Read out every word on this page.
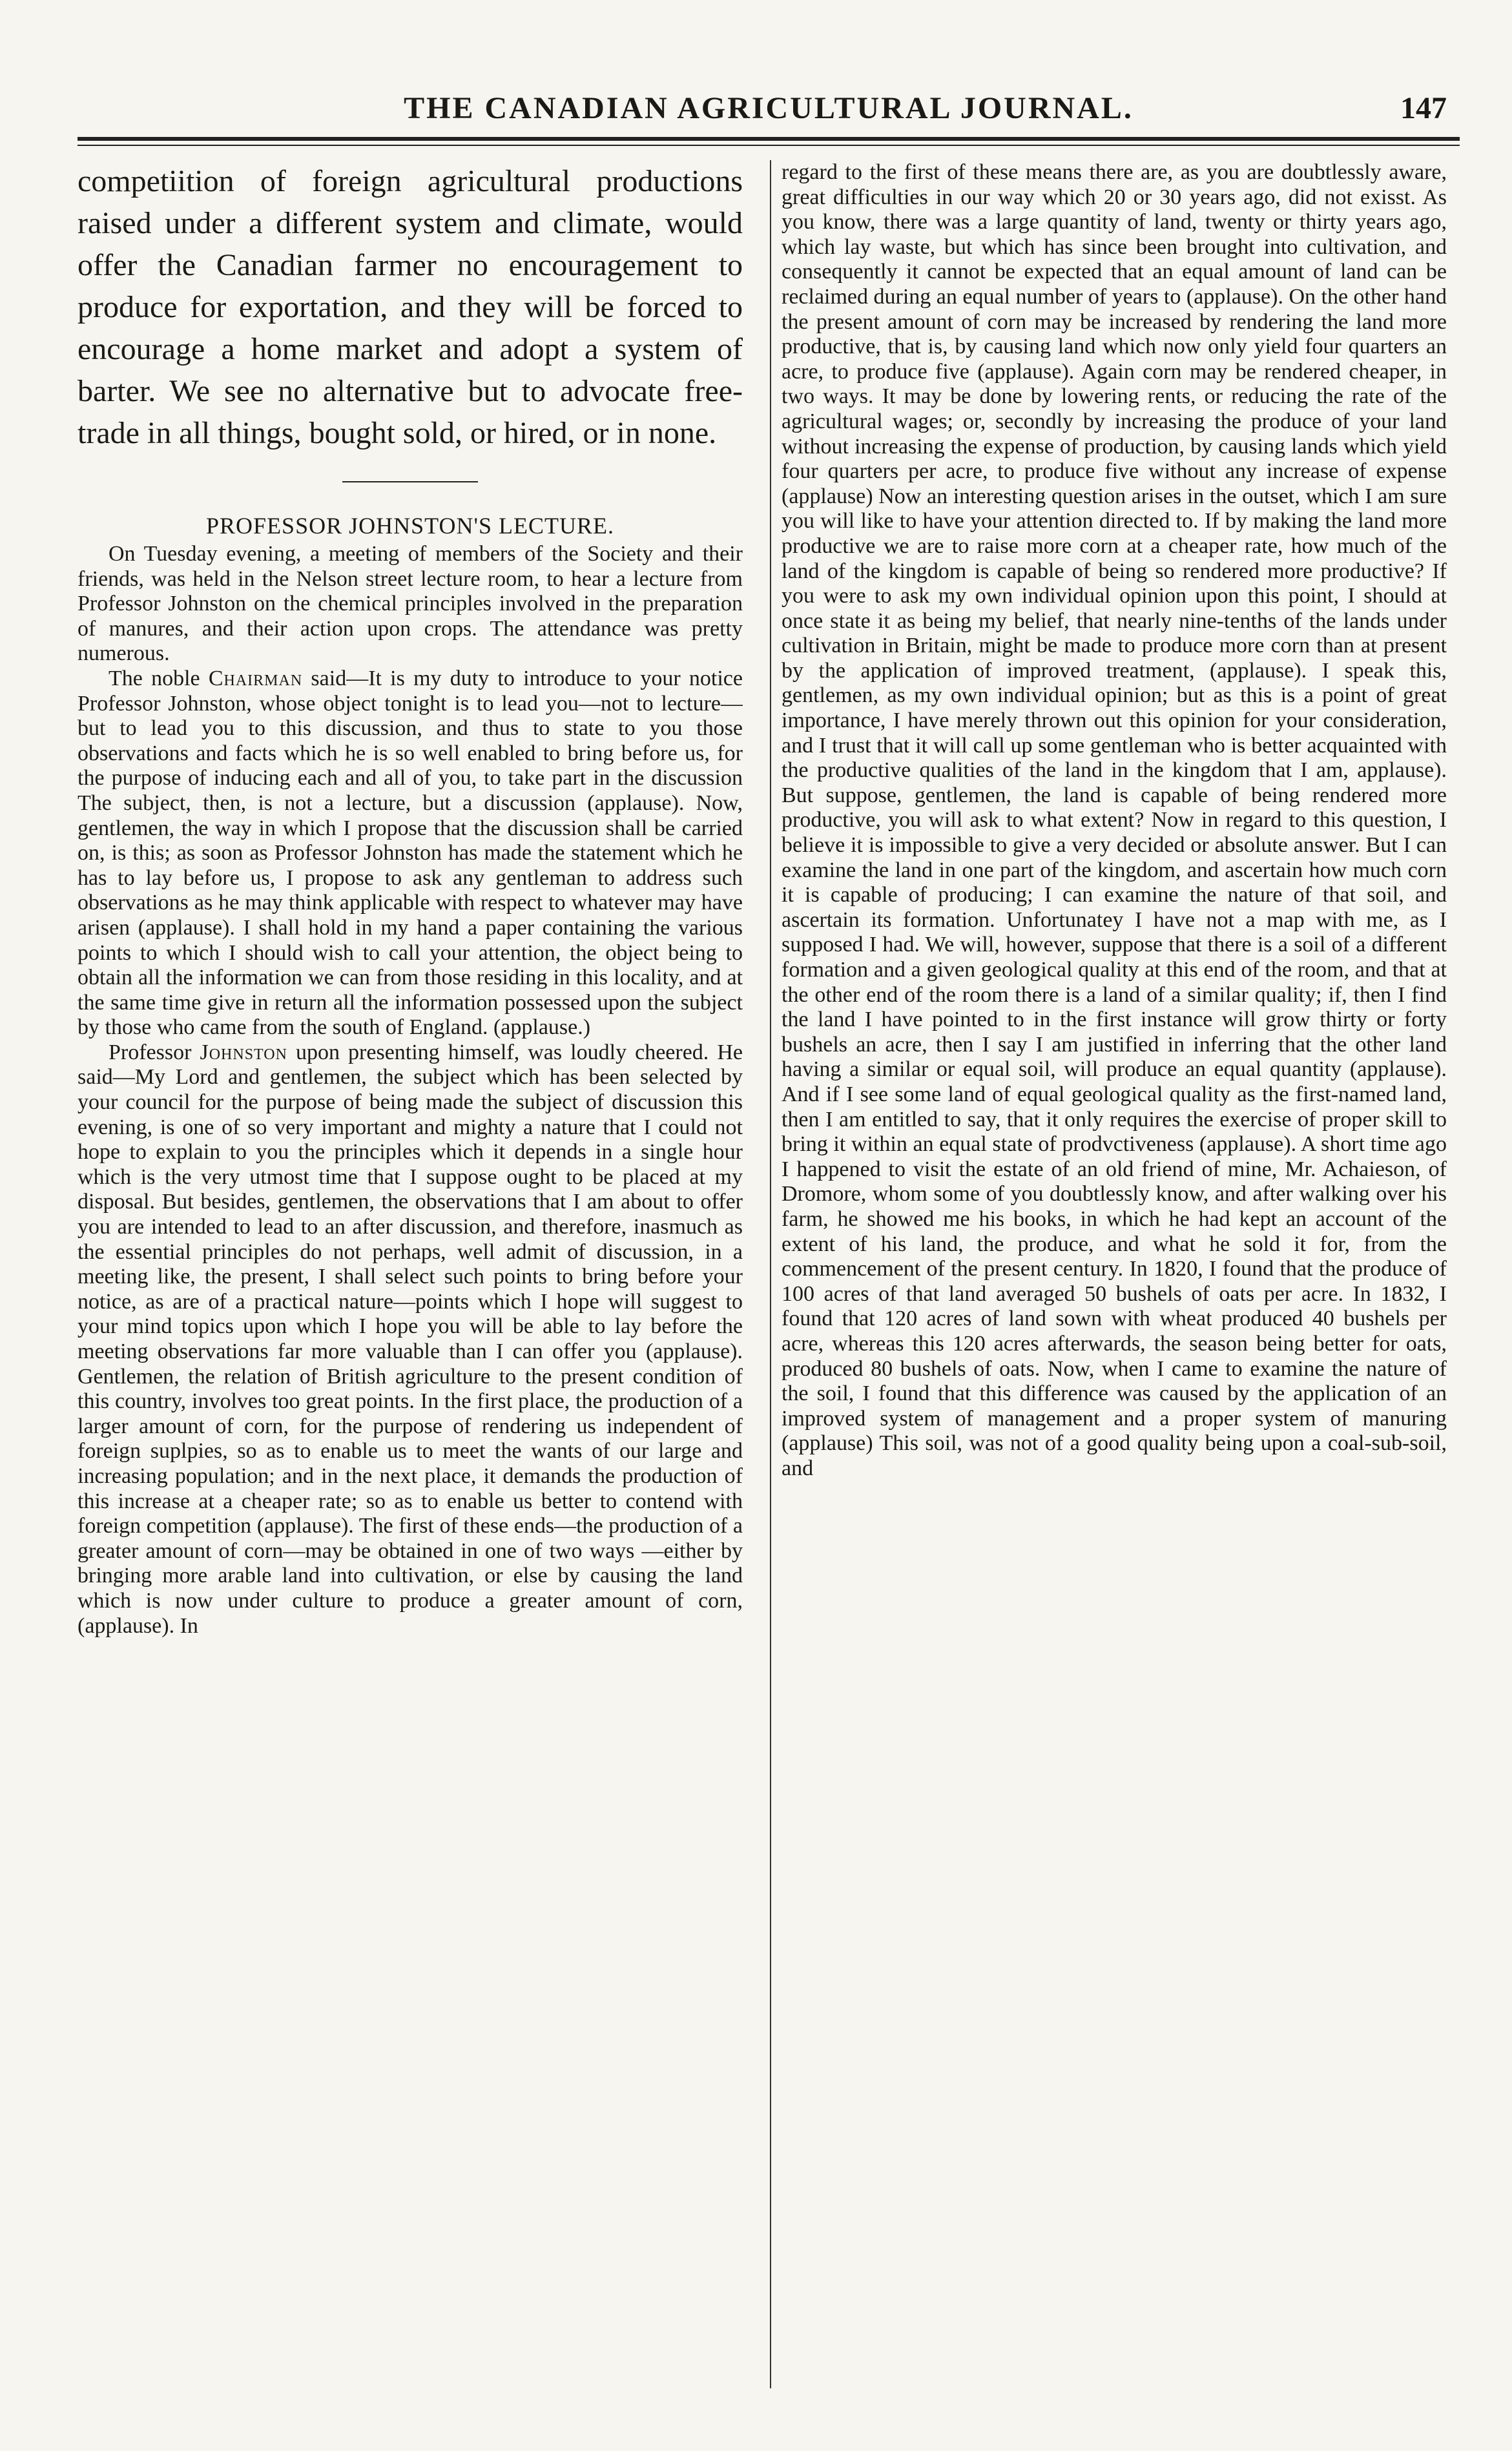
THE CANADIAN AGRICULTURAL JOURNAL.	147

competiition of foreign agricultural productions raised under a different system and climate, would offer the Canadian farmer no encouragement to produce for exportation, and they will be forced to encourage a home market and adopt a system of barter. We see no alternative but to advocate free-trade in all things, bought sold, or hired, or in none.

PROFESSOR JOHNSTON'S LECTURE.

On Tuesday evening, a meeting of members of the Society and their friends, was held in the Nelson street lecture room, to hear a lecture from Professor Johnston on the chemical principles involved in the preparation of manures, and their action upon crops. The attendance was pretty numerous.

The noble Chairman said—It is my duty to introduce to your notice Professor Johnston, whose object tonight is to lead you—not to lecture—but to lead you to this discussion, and thus to state to you those observations and facts which he is so well enabled to bring before us, for the purpose of inducing each and all of you, to take part in the discussion The subject, then, is not a lecture, but a discussion (applause). Now, gentlemen, the way in which I propose that the discussion shall be carried on, is this; as soon as Professor Johnston has made the statement which he has to lay before us, I propose to ask any gentleman to address such observations as he may think applicable with respect to whatever may have arisen (applause). I shall hold in my hand a paper containing the various points to which I should wish to call your attention, the object being to obtain all the information we can from those residing in this locality, and at the same time give in return all the information possessed upon the subject by those who came from the south of England. (applause.)

Professor Johnston upon presenting himself, was loudly cheered. He said—My Lord and gentlemen, the subject which has been selected by your council for the purpose of being made the subject of discussion this evening, is one of so very important and mighty a nature that I could not hope to explain to you the principles which it depends in a single hour which is the very utmost time that I suppose ought to be placed at my disposal. But besides, gentlemen, the observations that I am about to offer you are intended to lead to an after discussion, and therefore, inasmuch as the essential principles do not perhaps, well admit of discussion, in a meeting like, the present, I shall select such points to bring before your notice, as are of a practical nature—points which I hope will suggest to your mind topics upon which I hope you will be able to lay before the meeting observations far more valuable than I can offer you (applause). Gentlemen, the relation of British agriculture to the present condition of this country, involves too great points. In the first place, the production of a larger amount of corn, for the purpose of rendering us independent of foreign suplpies, so as to enable us to meet the wants of our large and increasing population; and in the next place, it demands the production of this increase at a cheaper rate; so as to enable us better to contend with foreign competition (applause). The first of these ends—the production of a greater amount of corn—may be obtained in one of two ways —either by bringing more arable land into cultivation, or else by causing the land which is now under culture to produce a greater amount of corn, (applause). In

regard to the first of these means there are, as you are doubtlessly aware, great difficulties in our way which 20 or 30 years ago, did not exisst. As you know, there was a large quantity of land, twenty or thirty years ago, which lay waste, but which has since been brought into cultivation, and consequently it cannot be expected that an equal amount of land can be reclaimed during an equal number of years to (applause). On the other hand the present amount of corn may be increased by rendering the land more productive, that is, by causing land which now only yield four quarters an acre, to produce five (applause). Again corn may be rendered cheaper, in two ways. It may be done by lowering rents, or reducing the rate of the agricultural wages; or, secondly by increasing the produce of your land without increasing the expense of production, by causing lands which yield four quarters per acre, to produce five without any increase of expense (applause) Now an interesting question arises in the outset, which I am sure you will like to have your attention directed to. If by making the land more productive we are to raise more corn at a cheaper rate, how much of the land of the kingdom is capable of being so rendered more productive? If you were to ask my own individual opinion upon this point, I should at once state it as being my belief, that nearly nine-tenths of the lands under cultivation in Britain, might be made to produce more corn than at present by the application of improved treatment, (applause). I speak this, gentlemen, as my own individual opinion; but as this is a point of great importance, I have merely thrown out this opinion for your consideration, and I trust that it will call up some gentleman who is better acquainted with the productive qualities of the land in the kingdom that I am, applause). But suppose, gentlemen, the land is capable of being rendered more productive, you will ask to what extent? Now in regard to this question, I believe it is impossible to give a very decided or absolute answer. But I can examine the land in one part of the kingdom, and ascertain how much corn it is capable of producing; I can examine the nature of that soil, and ascertain its formation. Unfortunatey I have not a map with me, as I supposed I had. We will, however, suppose that there is a soil of a different formation and a given geological quality at this end of the room, and that at the other end of the room there is a land of a similar quality; if, then I find the land I have pointed to in the first instance will grow thirty or forty bushels an acre, then I say I am justified in inferring that the other land having a similar or equal soil, will produce an equal quantity (applause). And if I see some land of equal geological quality as the first-named land, then I am entitled to say, that it only requires the exercise of proper skill to bring it within an equal state of prodvctiveness (applause). A short time ago I happened to visit the estate of an old friend of mine, Mr. Achaieson, of Dromore, whom some of you doubtlessly know, and after walking over his farm, he showed me his books, in which he had kept an account of the extent of his land, the produce, and what he sold it for, from the commencement of the present century. In 1820, I found that the produce of 100 acres of that land averaged 50 bushels of oats per acre. In 1832, I found that 120 acres of land sown with wheat produced 40 bushels per acre, whereas this 120 acres afterwards, the season being better for oats, produced 80 bushels of oats. Now, when I came to examine the nature of the soil, I found that this difference was caused by the application of an improved system of management and a proper system of manuring (applause) This soil, was not of a good quality being upon a coal-sub-soil, and
